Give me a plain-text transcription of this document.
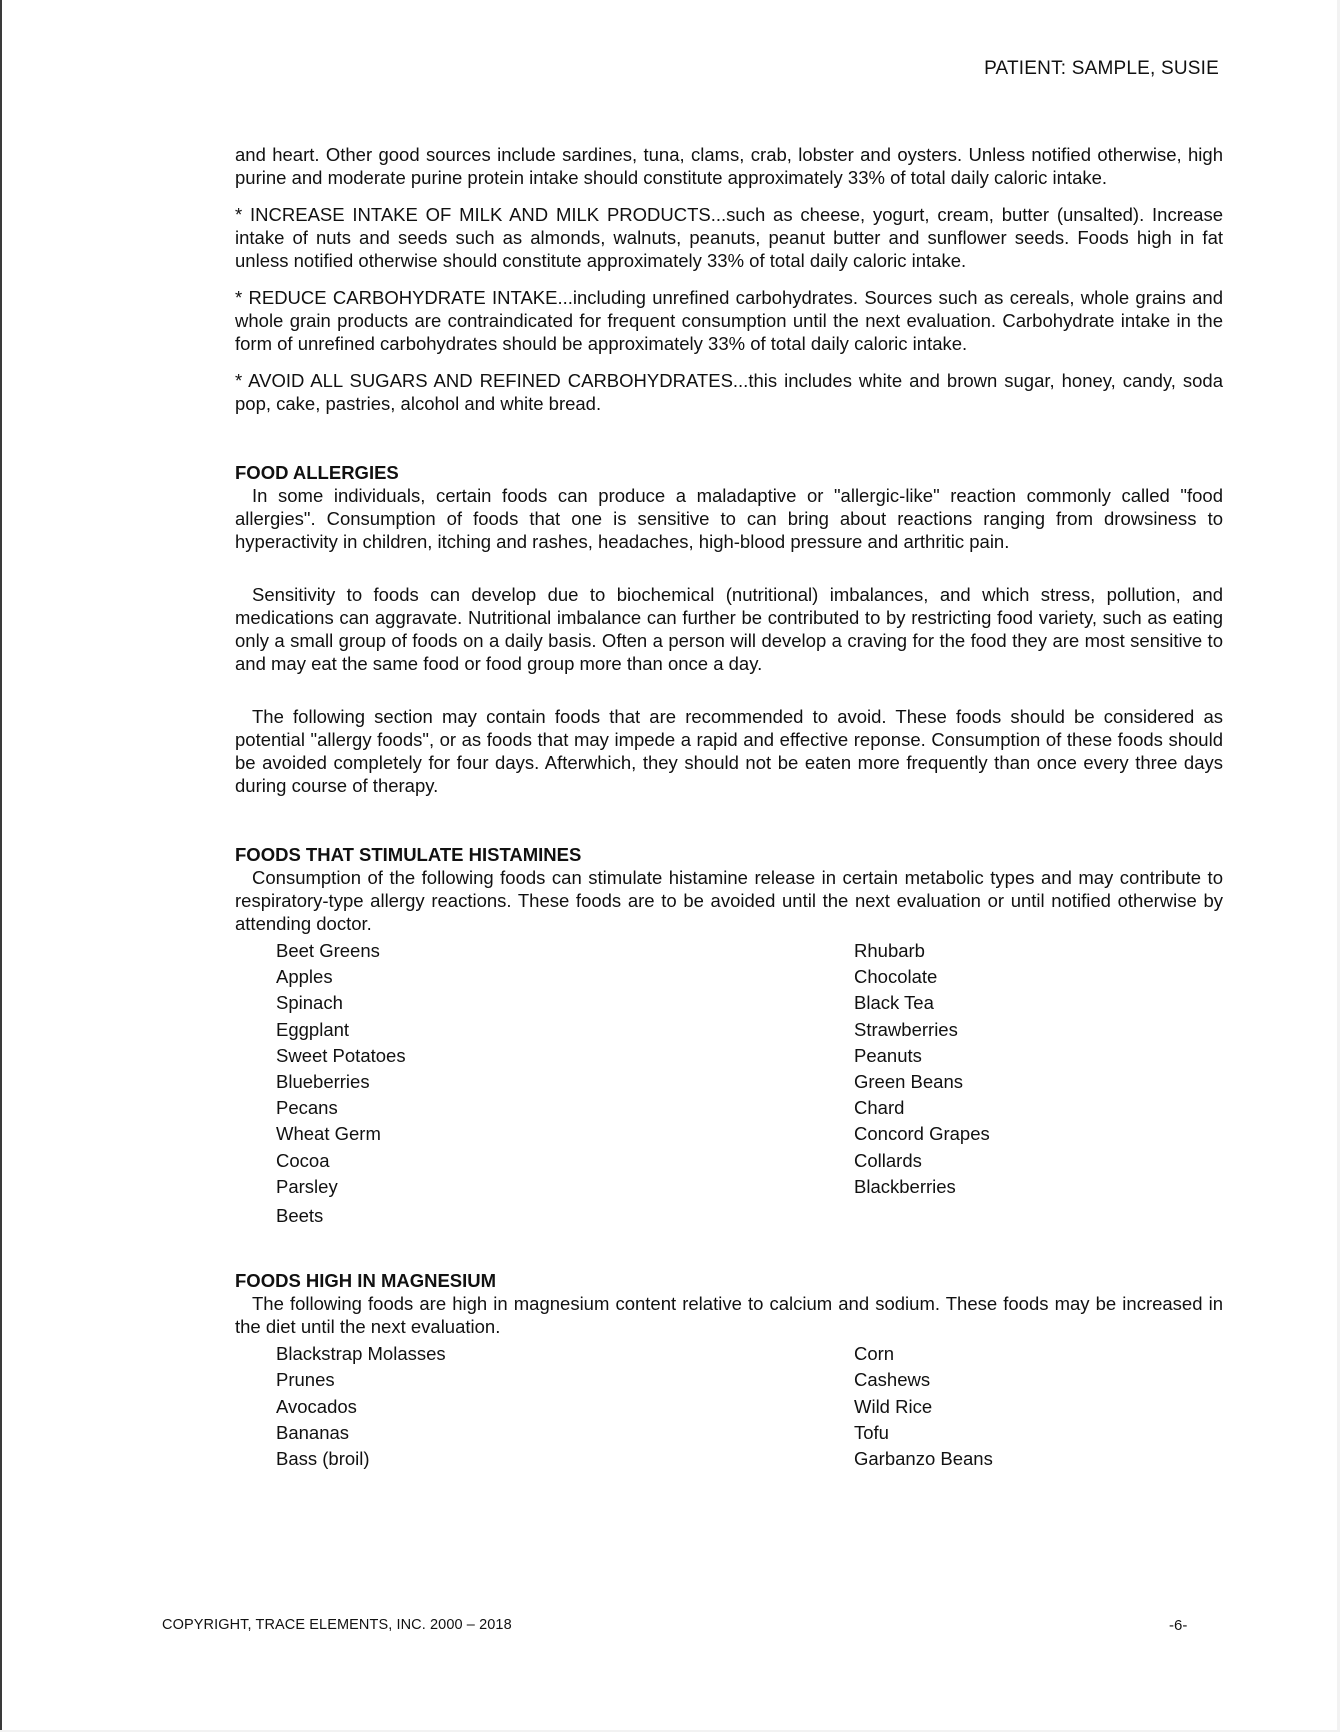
PATIENT: SAMPLE, SUSIE

and heart. Other good sources include sardines, tuna, clams, crab, lobster and oysters. Unless notified otherwise, high purine and moderate purine protein intake should constitute approximately 33% of total daily caloric intake.

* INCREASE INTAKE OF MILK AND MILK PRODUCTS...such as cheese, yogurt, cream, butter (unsalted). Increase intake of nuts and seeds such as almonds, walnuts, peanuts, peanut butter and sunflower seeds. Foods high in fat unless notified otherwise should constitute approximately 33% of total daily caloric intake.

* REDUCE CARBOHYDRATE INTAKE...including unrefined carbohydrates. Sources such as cereals, whole grains and whole grain products are contraindicated for frequent consumption until the next evaluation. Carbohydrate intake in the form of unrefined carbohydrates should be approximately 33% of total daily caloric intake.

* AVOID ALL SUGARS AND REFINED CARBOHYDRATES...this includes white and brown sugar, honey, candy, soda pop, cake, pastries, alcohol and white bread.

FOOD ALLERGIES

In some individuals, certain foods can produce a maladaptive or "allergic-like" reaction commonly called "food allergies". Consumption of foods that one is sensitive to can bring about reactions ranging from drowsiness to hyperactivity in children, itching and rashes, headaches, high-blood pressure and arthritic pain.

Sensitivity to foods can develop due to biochemical (nutritional) imbalances, and which stress, pollution, and medications can aggravate. Nutritional imbalance can further be contributed to by restricting food variety, such as eating only a small group of foods on a daily basis. Often a person will develop a craving for the food they are most sensitive to and may eat the same food or food group more than once a day.

The following section may contain foods that are recommended to avoid. These foods should be considered as potential "allergy foods", or as foods that may impede a rapid and effective reponse. Consumption of these foods should be avoided completely for four days. Afterwhich, they should not be eaten more frequently than once every three days during course of therapy.

FOODS THAT STIMULATE HISTAMINES

Consumption of the following foods can stimulate histamine release in certain metabolic types and may contribute to respiratory-type allergy reactions. These foods are to be avoided until the next evaluation or until notified otherwise by attending doctor.

Beet Greens	Rhubarb
Apples	Chocolate
Spinach	Black Tea
Eggplant	Strawberries
Sweet Potatoes	Peanuts
Blueberries	Green Beans
Pecans	Chard
Wheat Germ	Concord Grapes
Cocoa	Collards
Parsley	Blackberries
Beets
FOODS HIGH IN MAGNESIUM

The following foods are high in magnesium content relative to calcium and sodium. These foods may be increased in the diet until the next evaluation.

Blackstrap Molasses	Corn
Prunes	Cashews
Avocados	Wild Rice
Bananas	Tofu
Bass (broil)	Garbanzo Beans
COPYRIGHT, TRACE ELEMENTS, INC. 2000 – 2018	-6-
